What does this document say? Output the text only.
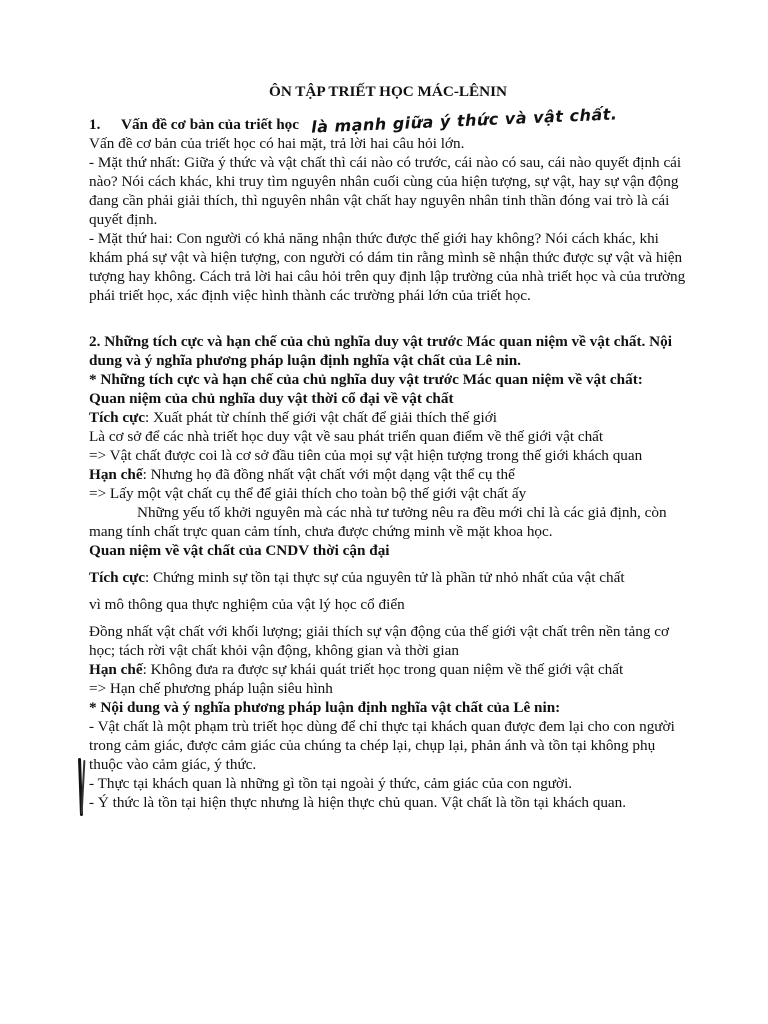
ÔN TẬP TRIẾT HỌC MÁC-LÊNIN
1.	Vấn đề cơ bản của triết học là mạnh giữa ý thức và vật chất.

Vấn đề cơ bản của triết học có hai mặt, trả lời hai câu hỏi lớn.

- Mặt thứ nhất: Giữa ý thức và vật chất thì cái nào có trước, cái nào có sau, cái nào quyết định cái nào? Nói cách khác, khi truy tìm nguyên nhân cuối cùng của hiện tượng, sự vật, hay sự vận động đang cần phải giải thích, thì nguyên nhân vật chất hay nguyên nhân tinh thần đóng vai trò là cái quyết định.

- Mặt thứ hai: Con người có khả năng nhận thức được thế giới hay không? Nói cách khác, khi khám phá sự vật và hiện tượng, con người có dám tin rằng mình sẽ nhận thức được sự vật và hiện tượng hay không. Cách trả lời hai câu hỏi trên quy định lập trường của nhà triết học và của trường phái triết học, xác định việc hình thành các trường phái lớn của triết học.

2. Những tích cực và hạn chế của chủ nghĩa duy vật trước Mác quan niệm về vật chất. Nội dung và ý nghĩa phương pháp luận định nghĩa vật chất của Lê nin.

* Những tích cực và hạn chế của chủ nghĩa duy vật trước Mác quan niệm về vật chất:

Quan niệm của chủ nghĩa duy vật thời cổ đại về vật chất

Tích cực: Xuất phát từ chính thế giới vật chất để giải thích thế giới

Là cơ sở để các nhà triết học duy vật về sau phát triển quan điểm về thế giới vật chất

=> Vật chất được coi là cơ sở đầu tiên của mọi sự vật hiện tượng trong thế giới khách quan

Hạn chế: Nhưng họ đã đồng nhất vật chất với một dạng vật thể cụ thể

=> Lấy một vật chất cụ thể để giải thích cho toàn bộ thế giới vật chất ấy

Những yếu tố khởi nguyên mà các nhà tư tưởng nêu ra đều mới chỉ là các giả định, còn mang tính chất trực quan cảm tính, chưa được chứng minh về mặt khoa học.

Quan niệm về vật chất của CNDV thời cận đại

Tích cực: Chứng minh sự tồn tại thực sự của nguyên tử là phần tử nhỏ nhất của vật chất

vì mô thông qua thực nghiệm của vật lý học cổ điển

Đồng nhất vật chất với khối lượng; giải thích sự vận động của thế giới vật chất trên nền tảng cơ học; tách rời vật chất khỏi vận động, không gian và thời gian

Hạn chế: Không đưa ra được sự khái quát triết học trong quan niệm về thế giới vật chất

=> Hạn chế phương pháp luận siêu hình

* Nội dung và ý nghĩa phương pháp luận định nghĩa vật chất của Lê nin:

- Vật chất là một phạm trù triết học dùng để chỉ thực tại khách quan được đem lại cho con người trong cảm giác, được cảm giác của chúng ta chép lại, chụp lại, phản ánh và tồn tại không phụ thuộc vào cảm giác, ý thức.

- Thực tại khách quan là những gì tồn tại ngoài ý thức, cảm giác của con người.

- Ý thức là tồn tại hiện thực nhưng là hiện thực chủ quan. Vật chất là tồn tại khách quan.
